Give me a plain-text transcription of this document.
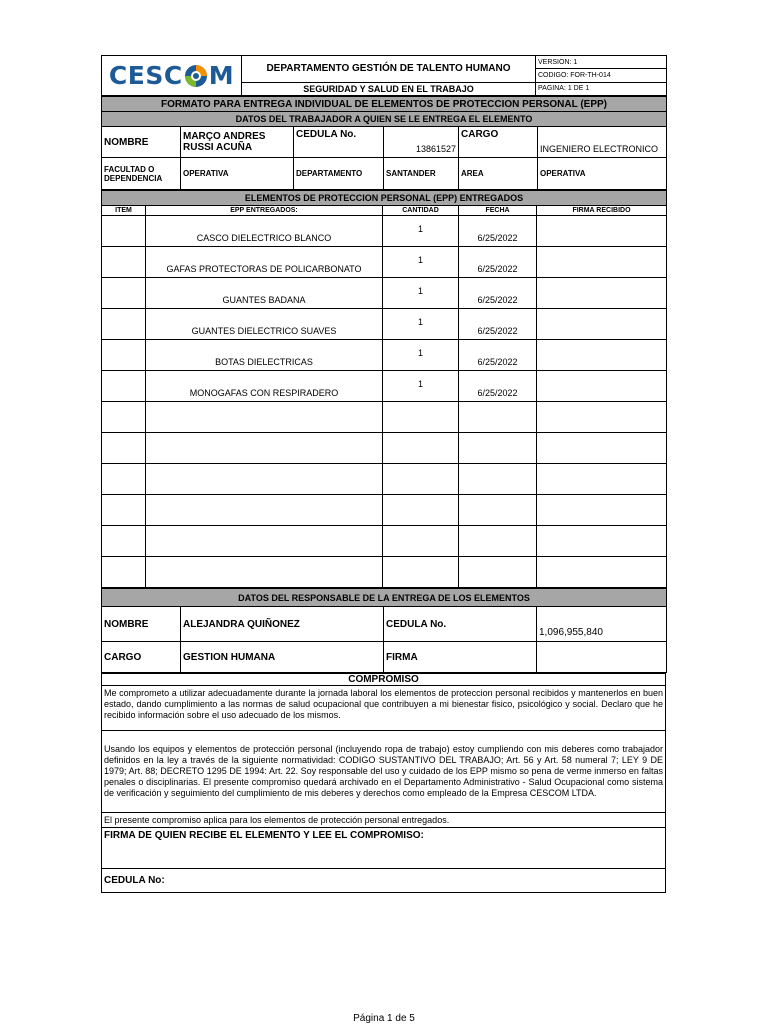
CESC M	DEPARTAMENTO GESTIÓN DE TALENTO HUMANO	VERSION: 1
		CODIGO: FOR-TH-014
	SEGURIDAD Y SALUD EN EL TRABAJO	PAGINA: 1 DE 1
FORMATO PARA ENTREGA INDIVIDUAL DE ELEMENTOS DE PROTECCION PERSONAL (EPP)					
DATOS DEL TRABAJADOR A QUIEN SE LE ENTREGA EL ELEMENTO					
NOMBRE	MARÇO ANDRES RUSSI ACUÑA	CEDULA No.	13861527	CARGO	INGENIERO ELECTRONICO
FACULTAD O DEPENDENCIA	OPERATIVA	DEPARTAMENTO	SANTANDER	AREA	OPERATIVA
ELEMENTOS DE PROTECCION PERSONAL (EPP) ENTREGADOS				
ITEM	EPP ENTREGADOS:	CANTIDAD	FECHA	FIRMA RECIBIDO
	CASCO DIELECTRICO BLANCO	1	6/25/2022	
	GAFAS PROTECTORAS DE POLICARBONATO	1	6/25/2022	
	GUANTES BADANA	1	6/25/2022	
	GUANTES DIELECTRICO SUAVES	1	6/25/2022	
	BOTAS DIELECTRICAS	1	6/25/2022	
	MONOGAFAS CON RESPIRADERO	1	6/25/2022	

DATOS DEL RESPONSABLE DE LA ENTREGA DE LOS ELEMENTOS			
NOMBRE	ALEJANDRA QUIÑONEZ	CEDULA No.	1,096,955,840
CARGO	GESTION HUMANA	FIRMA	
COMPROMISO
Me comprometo a utilizar adecuadamente durante la jornada laboral los elementos de proteccion personal recibidos y mantenerlos en buen estado, dando cumplimiento a las normas de salud ocupacional que contribuyen a mi bienestar fisico, psicológico y social. Declaro que he recibido información sobre el uso adecuado de los mismos.
Usando los equipos y elementos de protección personal (incluyendo ropa de trabajo) estoy cumpliendo con mis deberes como trabajador definidos en la ley a través de la siguiente normatividad: CODIGO SUSTANTIVO DEL TRABAJO; Art. 56 y Art. 58 numeral 7; LEY 9 DE 1979; Art. 88; DECRETO 1295 DE 1994: Art. 22. Soy responsable del uso y cuidado de los EPP mismo so pena de verme inmerso en faltas penales o disciplinarias. El presente compromiso quedará archivado en el Departamento Administrativo - Salud Ocupacional como sistema de verificación y seguimiento del cumplimiento de mis deberes y derechos como empleado de la Empresa CESCOM LTDA.
El presente compromiso aplica para los elementos de protección personal entregados.
FIRMA DE QUIEN RECIBE EL ELEMENTO Y LEE EL COMPROMISO:
CEDULA No:
Página 1 de 5
